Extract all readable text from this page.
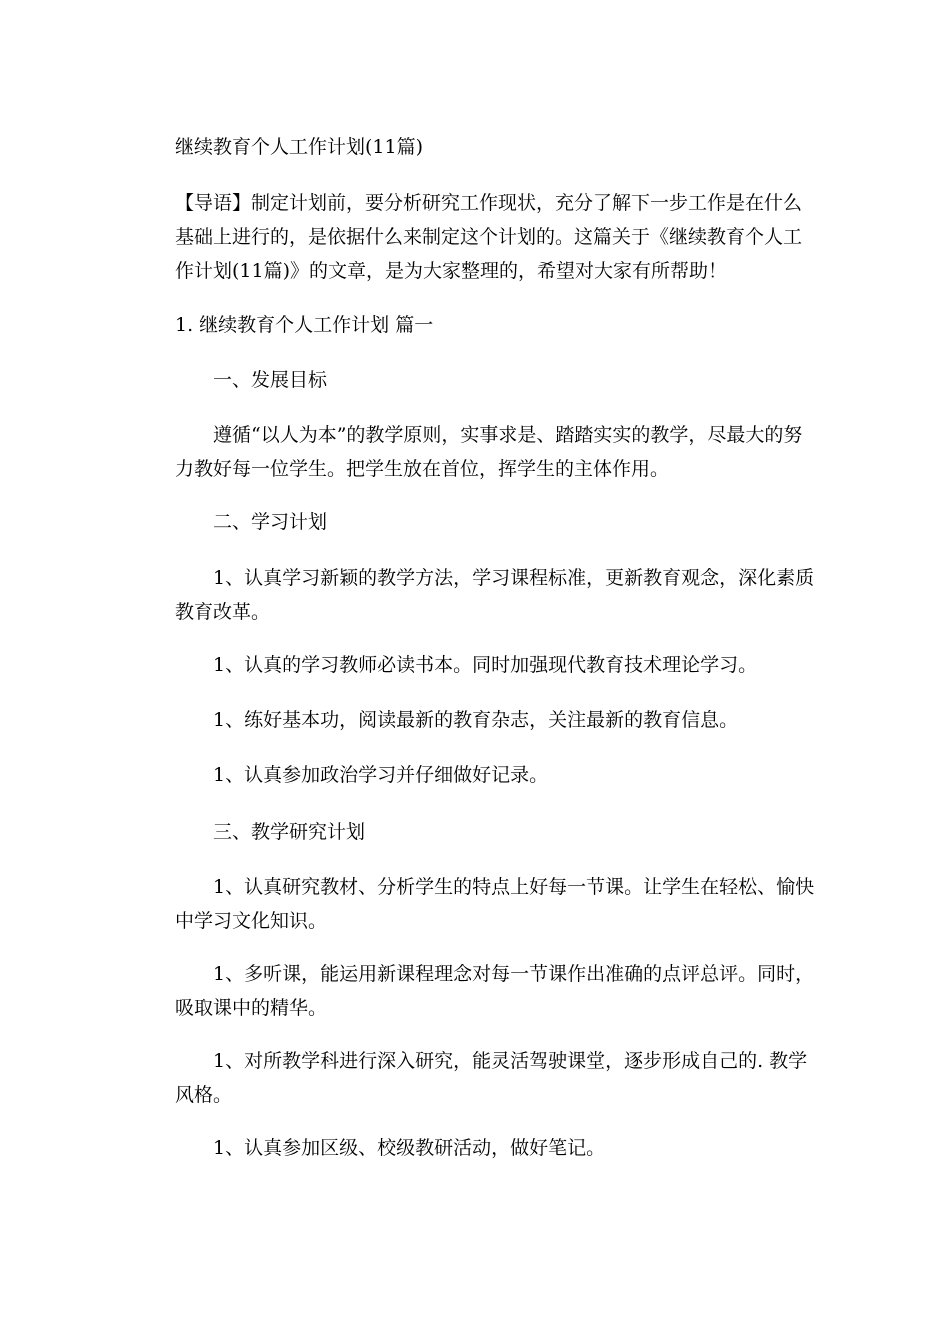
继续教育个人工作计划(11篇)

【导语】制定计划前，要分析研究工作现状，充分了解下一步工作是在什么基础上进行的，是依据什么来制定这个计划的。这篇关于《继续教育个人工作计划(11篇)》的文章，是为大家整理的，希望对大家有所帮助！

1. 继续教育个人工作计划 篇一

一、发展目标

遵循“以人为本”的教学原则，实事求是、踏踏实实的教学，尽最大的努力教好每一位学生。把学生放在首位，挥学生的主体作用。

二、学习计划

1、认真学习新颖的教学方法，学习课程标准，更新教育观念，深化素质教育改革。

1、认真的学习教师必读书本。同时加强现代教育技术理论学习。

1、练好基本功，阅读最新的教育杂志，关注最新的教育信息。

1、认真参加政治学习并仔细做好记录。

三、教学研究计划

1、认真研究教材、分析学生的特点上好每一节课。让学生在轻松、愉快中学习文化知识。

1、多听课，能运用新课程理念对每一节课作出准确的点评总评。同时，吸取课中的精华。

1、对所教学科进行深入研究，能灵活驾驶课堂，逐步形成自己的. 教学风格。

1、认真参加区级、校级教研活动，做好笔记。
